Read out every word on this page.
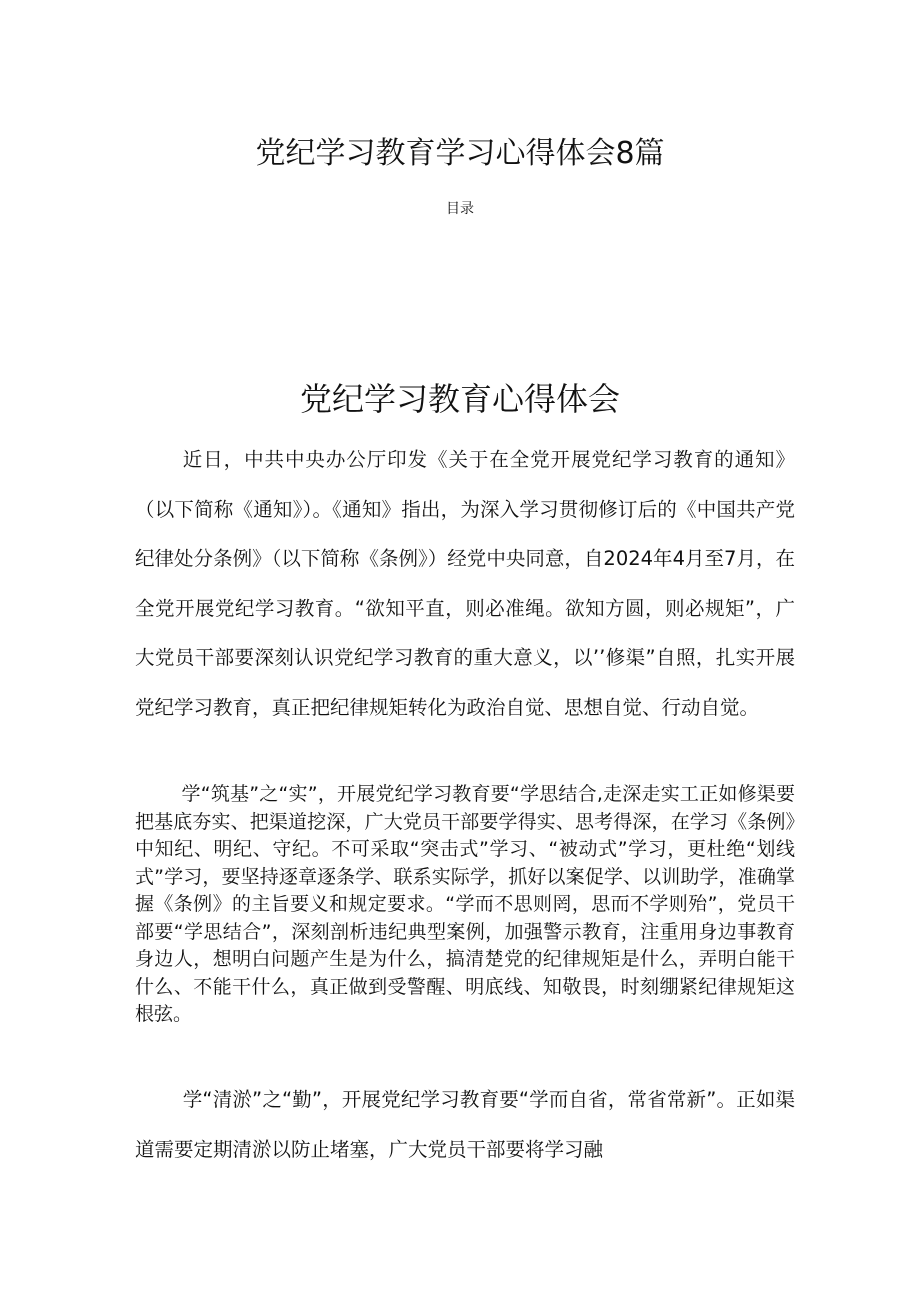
党纪学习教育学习心得体会8篇
目录
党纪学习教育心得体会

近日，中共中央办公厅印发《关于在全党开展党纪学习教育的通知》（以下简称《通知》）。《通知》指出，为深入学习贯彻修订后的《中国共产党纪律处分条例》（以下简称《条例》）经党中央同意，自2024年4月至7月，在全党开展党纪学习教育。“欲知平直，则必准绳。欲知方圆，则必规矩”，广大党员干部要深刻认识党纪学习教育的重大意义，以’’修渠”自照，扎实开展党纪学习教育，真正把纪律规矩转化为政治自觉、思想自觉、行动自觉。

学“筑基”之“实”，开展党纪学习教育要“学思结合,走深走实工正如修渠要把基底夯实、把渠道挖深，广大党员干部要学得实、思考得深，在学习《条例》中知纪、明纪、守纪。不可采取“突击式”学习、“被动式”学习，更杜绝“划线式”学习，要坚持逐章逐条学、联系实际学，抓好以案促学、以训助学，准确掌握《条例》的主旨要义和规定要求。“学而不思则罔，思而不学则殆”，党员干部要“学思结合”，深刻剖析违纪典型案例，加强警示教育，注重用身边事教育身边人，想明白问题产生是为什么，搞清楚党的纪律规矩是什么，弄明白能干什么、不能干什么，真正做到受警醒、明底线、知敬畏，时刻绷紧纪律规矩这根弦。

学“清淤”之“勤”，开展党纪学习教育要“学而自省，常省常新”。正如渠道需要定期清淤以防止堵塞，广大党员干部要将学习融
